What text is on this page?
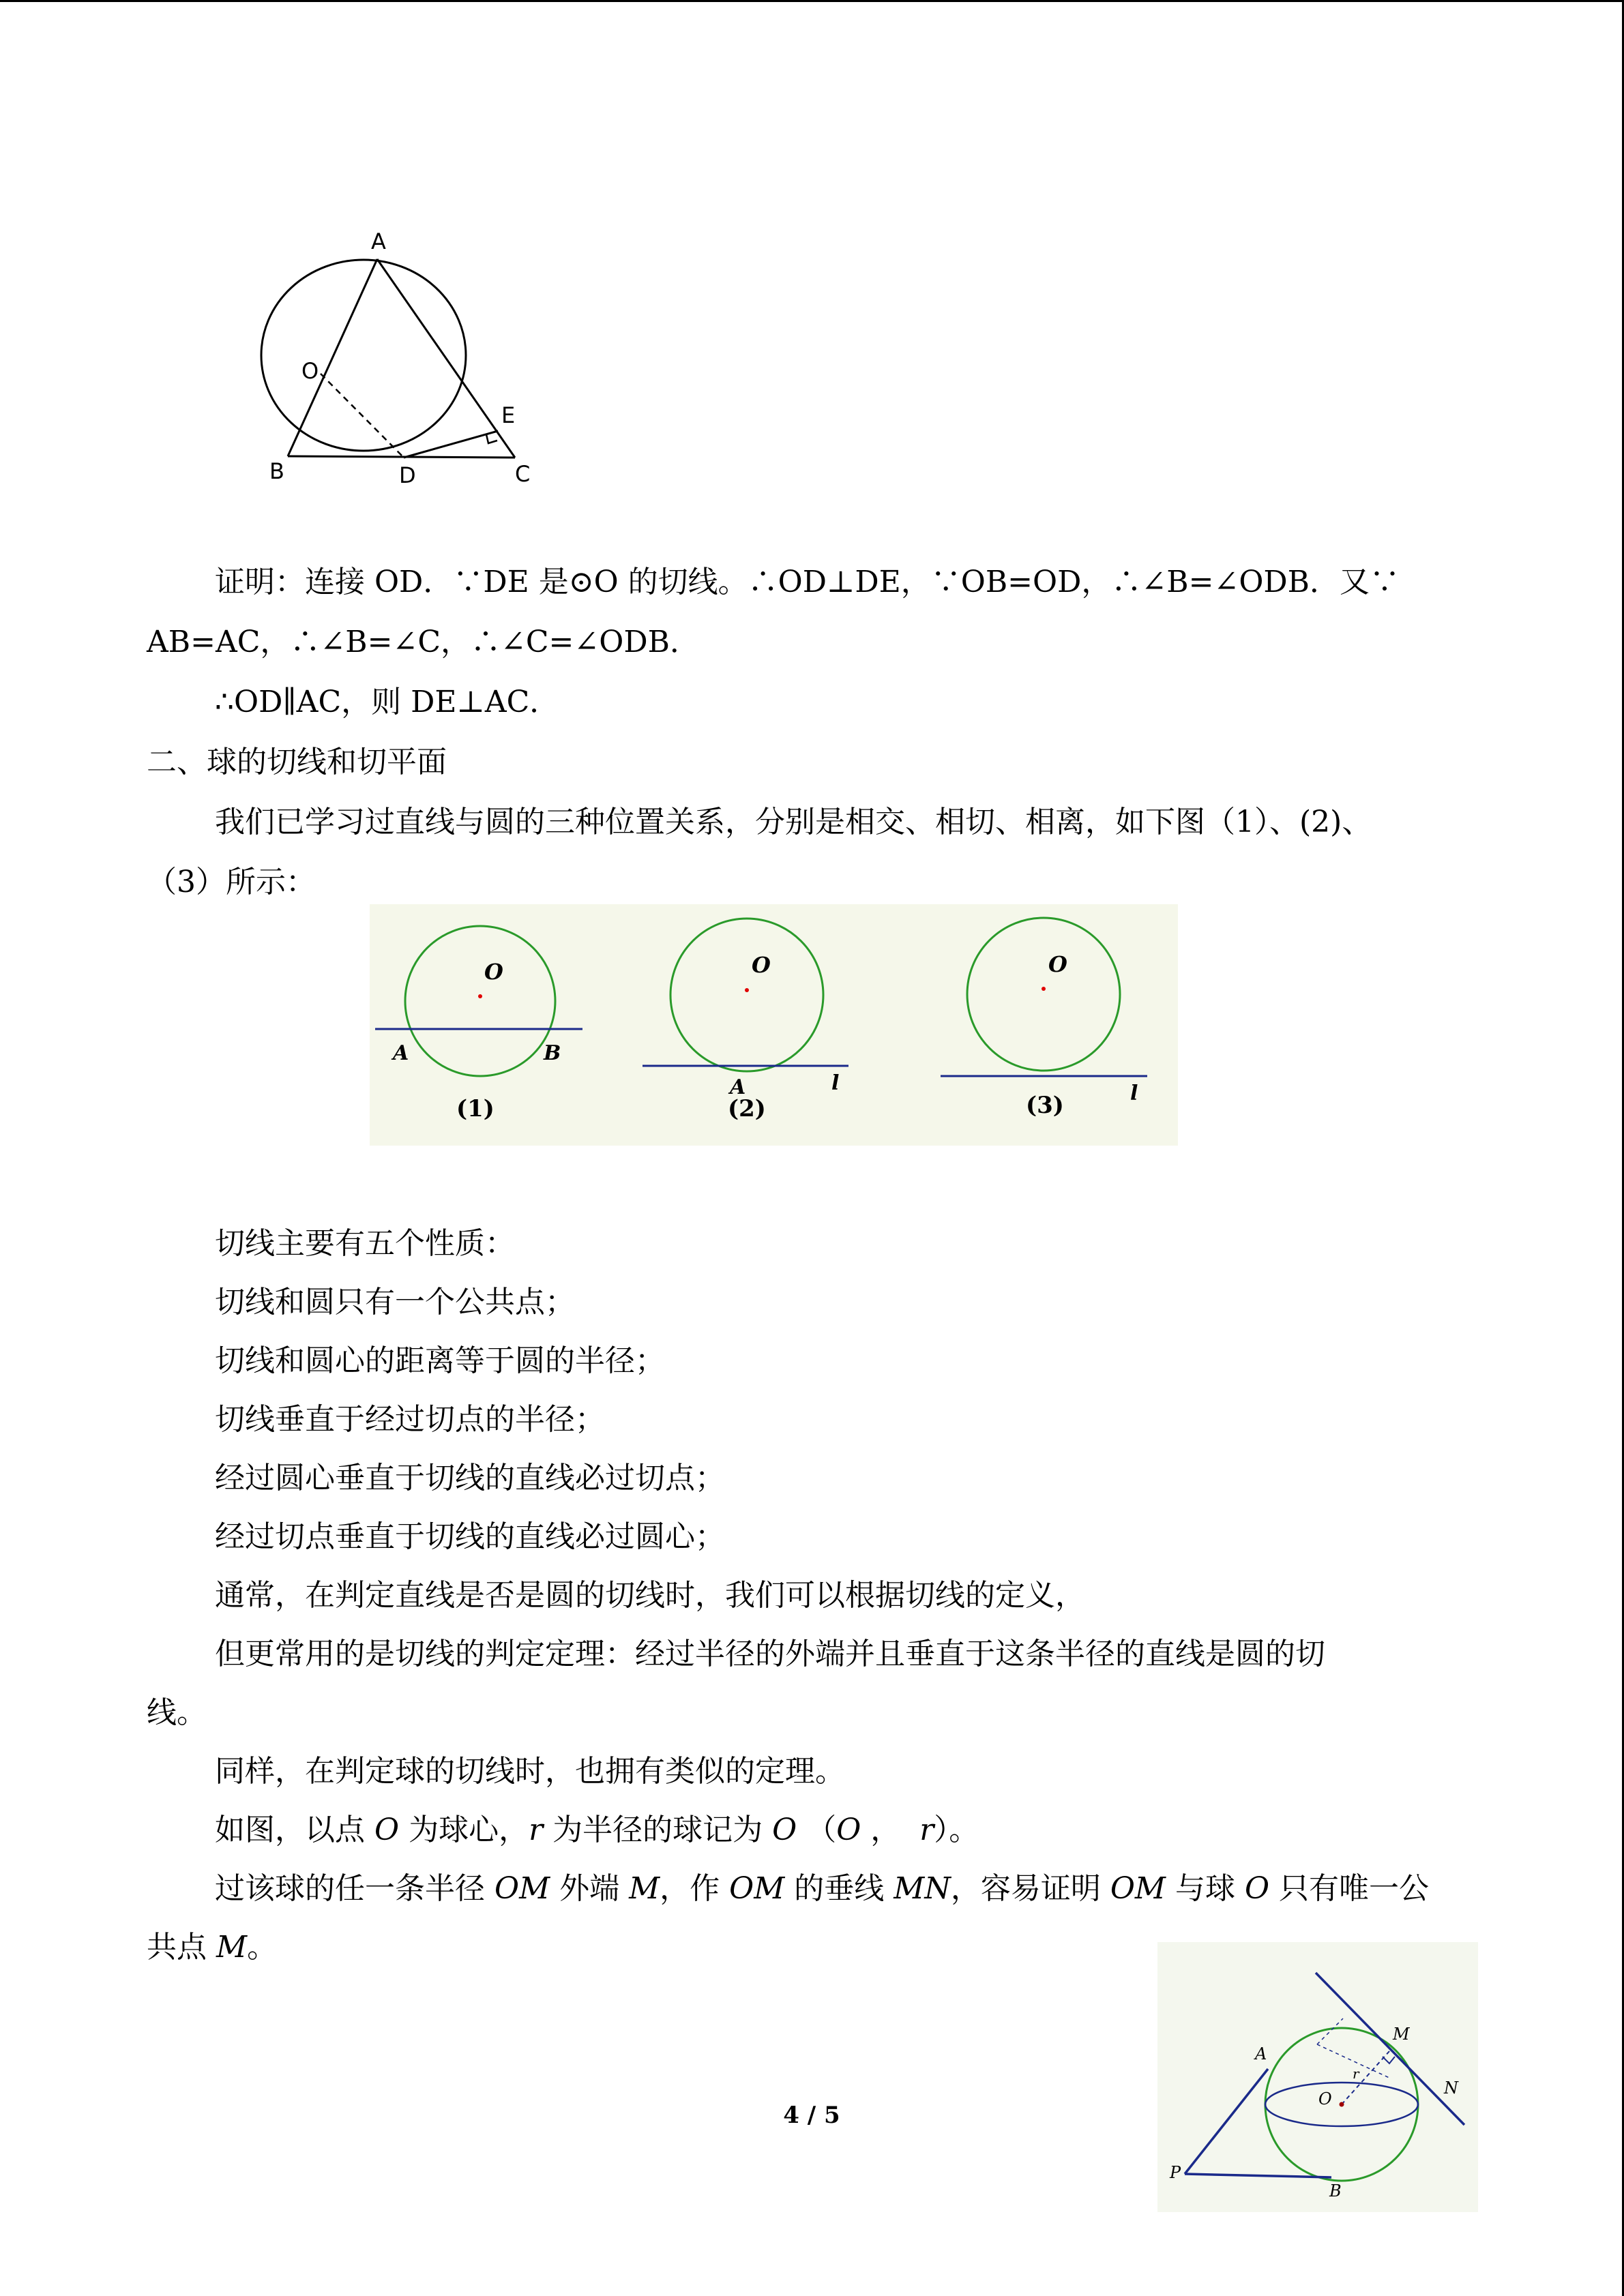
A
O
E
B	D	C
证明：连接 OD．∵DE 是⊙O 的切线。∴OD⊥DE，∵OB=OD，∴∠B=∠ODB．又∵
AB=AC，∴∠B=∠C，∴∠C=∠ODB．
∴OD∥AC，则 DE⊥AC．
二、球的切线和切平面
我们已学习过直线与圆的三种位置关系，分别是相交、相切、相离，如下图（1）、(2)、
（3）所示：
O
A	B
(1)
O
A	l
(2)
O
l
(3)
切线主要有五个性质：
切线和圆只有一个公共点；
切线和圆心的距离等于圆的半径；
切线垂直于经过切点的半径；
经过圆心垂直于切线的直线必过切点；
经过切点垂直于切线的直线必过圆心；
通常，在判定直线是否是圆的切线时，我们可以根据切线的定义，
但更常用的是切线的判定定理：经过半径的外端并且垂直于这条半径的直线是圆的切
线。
同样，在判定球的切线时，也拥有类似的定理。
如图，以点 O 为球心，r 为半径的球记为 O （O ，  r）。
过该球的任一条半径 OM 外端 M，作 OM 的垂线 MN，容易证明 OM 与球 O 只有唯一公
共点 M。
A
M
N
r
O
P
B
4 / 5
